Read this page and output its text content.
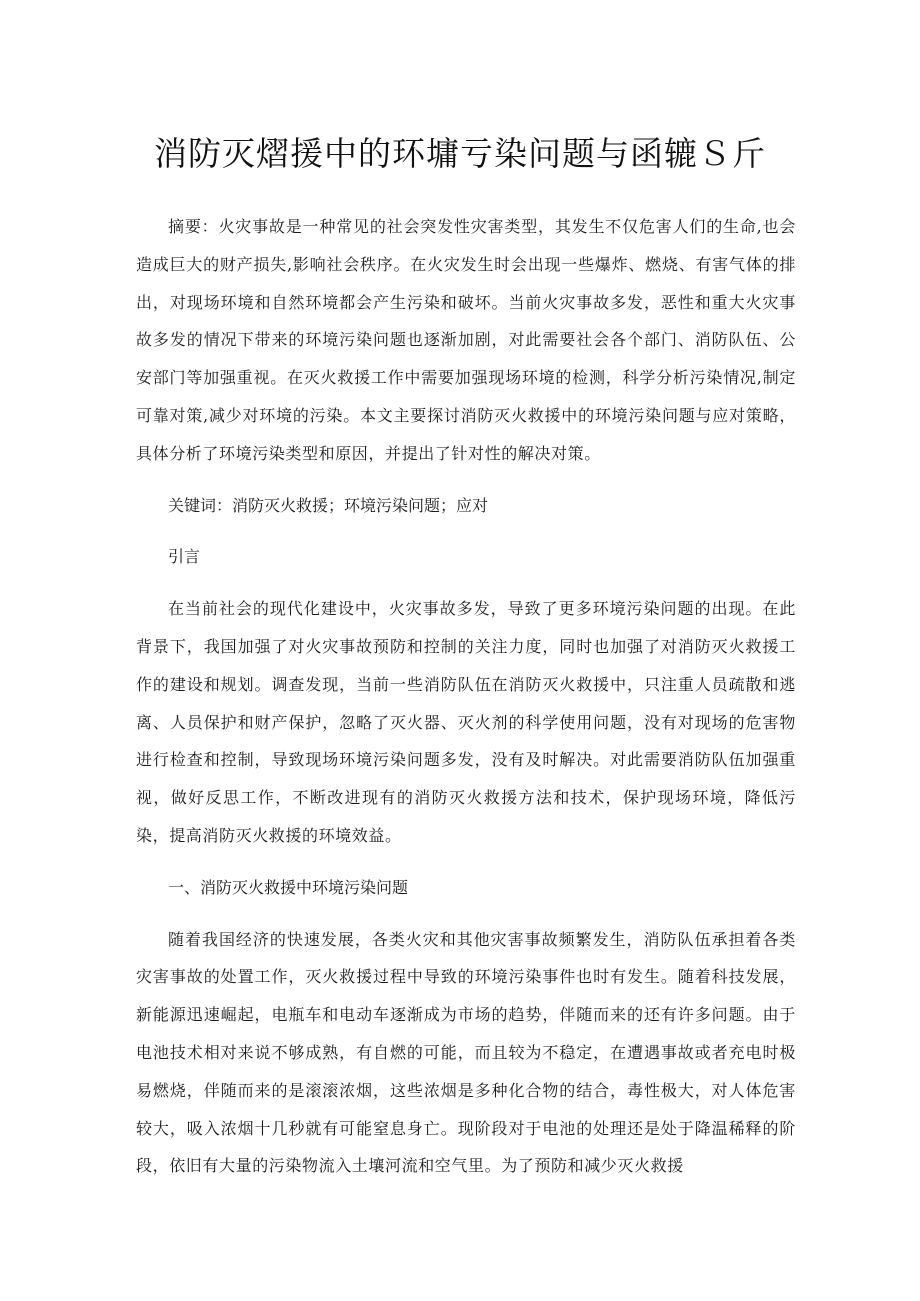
消防灭熠援中的环墉亏染问题与函辘Ｓ斤

摘要：火灾事故是一种常见的社会突发性灾害类型，其发生不仅危害人们的生命,也会造成巨大的财产损失,影响社会秩序。在火灾发生时会出现一些爆炸、燃烧、有害气体的排出，对现场环境和自然环境都会产生污染和破坏。当前火灾事故多发，恶性和重大火灾事故多发的情况下带来的环境污染问题也逐渐加剧，对此需要社会各个部门、消防队伍、公安部门等加强重视。在灭火救援工作中需要加强现场环境的检测，科学分析污染情况,制定可靠对策,减少对环境的污染。本文主要探讨消防灭火救援中的环境污染问题与应对策略，具体分析了环境污染类型和原因，并提出了针对性的解决对策。

关键词：消防灭火救援；环境污染问题；应对

引言

在当前社会的现代化建设中，火灾事故多发，导致了更多环境污染问题的出现。在此背景下，我国加强了对火灾事故预防和控制的关注力度，同时也加强了对消防灭火救援工作的建设和规划。调查发现，当前一些消防队伍在消防灭火救援中，只注重人员疏散和逃离、人员保护和财产保护，忽略了灭火器、灭火剂的科学使用问题，没有对现场的危害物进行检查和控制，导致现场环境污染问题多发，没有及时解决。对此需要消防队伍加强重视，做好反思工作，不断改进现有的消防灭火救援方法和技术，保护现场环境，降低污染，提高消防灭火救援的环境效益。

一、消防灭火救援中环境污染问题

随着我国经济的快速发展，各类火灾和其他灾害事故频繁发生，消防队伍承担着各类灾害事故的处置工作，灭火救援过程中导致的环境污染事件也时有发生。随着科技发展，新能源迅速崛起，电瓶车和电动车逐渐成为市场的趋势，伴随而来的还有许多问题。由于电池技术相对来说不够成熟，有自燃的可能，而且较为不稳定，在遭遇事故或者充电时极易燃烧，伴随而来的是滚滚浓烟，这些浓烟是多种化合物的结合，毒性极大，对人体危害较大，吸入浓烟十几秒就有可能窒息身亡。现阶段对于电池的处理还是处于降温稀释的阶段，依旧有大量的污染物流入土壤河流和空气里。为了预防和减少灭火救援
